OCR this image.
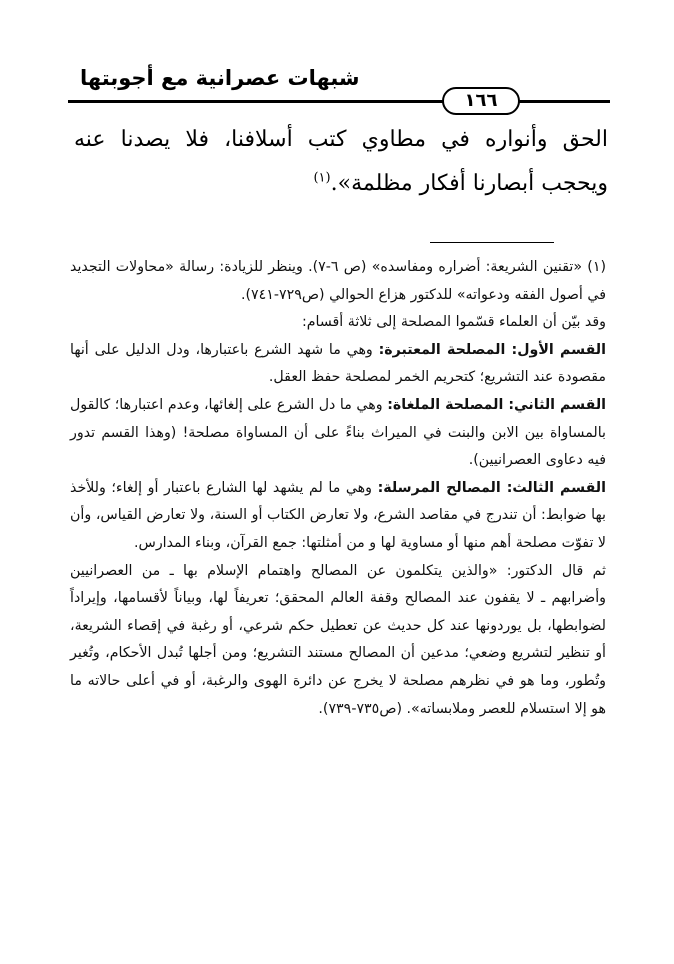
شبهات عصرانية مع أجوبتها
١٦٦
الحق وأنواره في مطاوي كتب أسلافنا، فلا يصدنا عنه ويحجب أبصارنا أفكار مظلمة».$^{(١)}$

(١) «تقنين الشريعة: أضراره ومفاسده» (ص ٦-٧). وينظر للزيادة: رسالة «محاولات التجديد في أصول الفقه ودعواته» للدكتور هزاع الحوالي (ص٧٢٩-٧٤١).

وقد بيّن أن العلماء قسّموا المصلحة إلى ثلاثة أقسام:

القسم الأول: المصلحة المعتبرة: وهي ما شهد الشرع باعتبارها، ودل الدليل على أنها مقصودة عند التشريع؛ كتحريم الخمر لمصلحة حفظ العقل.

القسم الثاني: المصلحة الملغاة: وهي ما دل الشرع على إلغائها، وعدم اعتبارها؛ كالقول بالمساواة بين الابن والبنت في الميراث بناءً على أن المساواة مصلحة! (وهذا القسم تدور فيه دعاوى العصرانيين).

القسم الثالث: المصالح المرسلة: وهي ما لم يشهد لها الشارع باعتبار أو إلغاء؛ وللأخذ بها ضوابط: أن تندرج في مقاصد الشرع، ولا تعارض الكتاب أو السنة، ولا تعارض القياس، وأن لا تفوّت مصلحة أهم منها أو مساوية لها و من أمثلتها: جمع القرآن، وبناء المدارس.

ثم قال الدكتور: «والذين يتكلمون عن المصالح واهتمام الإسلام بها ـ من العصرانيين وأضرابهم ـ لا يقفون عند المصالح وقفة العالم المحقق؛ تعريفاً لها، وبياناً لأقسامها، وإيراداً لضوابطها، بل يوردونها عند كل حديث عن تعطيل حكم شرعي، أو رغبة في إقصاء الشريعة، أو تنظير لتشريع وضعي؛ مدعين أن المصالح مستند التشريع؛ ومن أجلها تُبدل الأحكام، وتُغير وتُطور، وما هو في نظرهم مصلحة لا يخرج عن دائرة الهوى والرغبة، أو في أعلى حالاته ما هو إلا استسلام للعصر وملابساته». (ص٧٣٥-٧٣٩).
